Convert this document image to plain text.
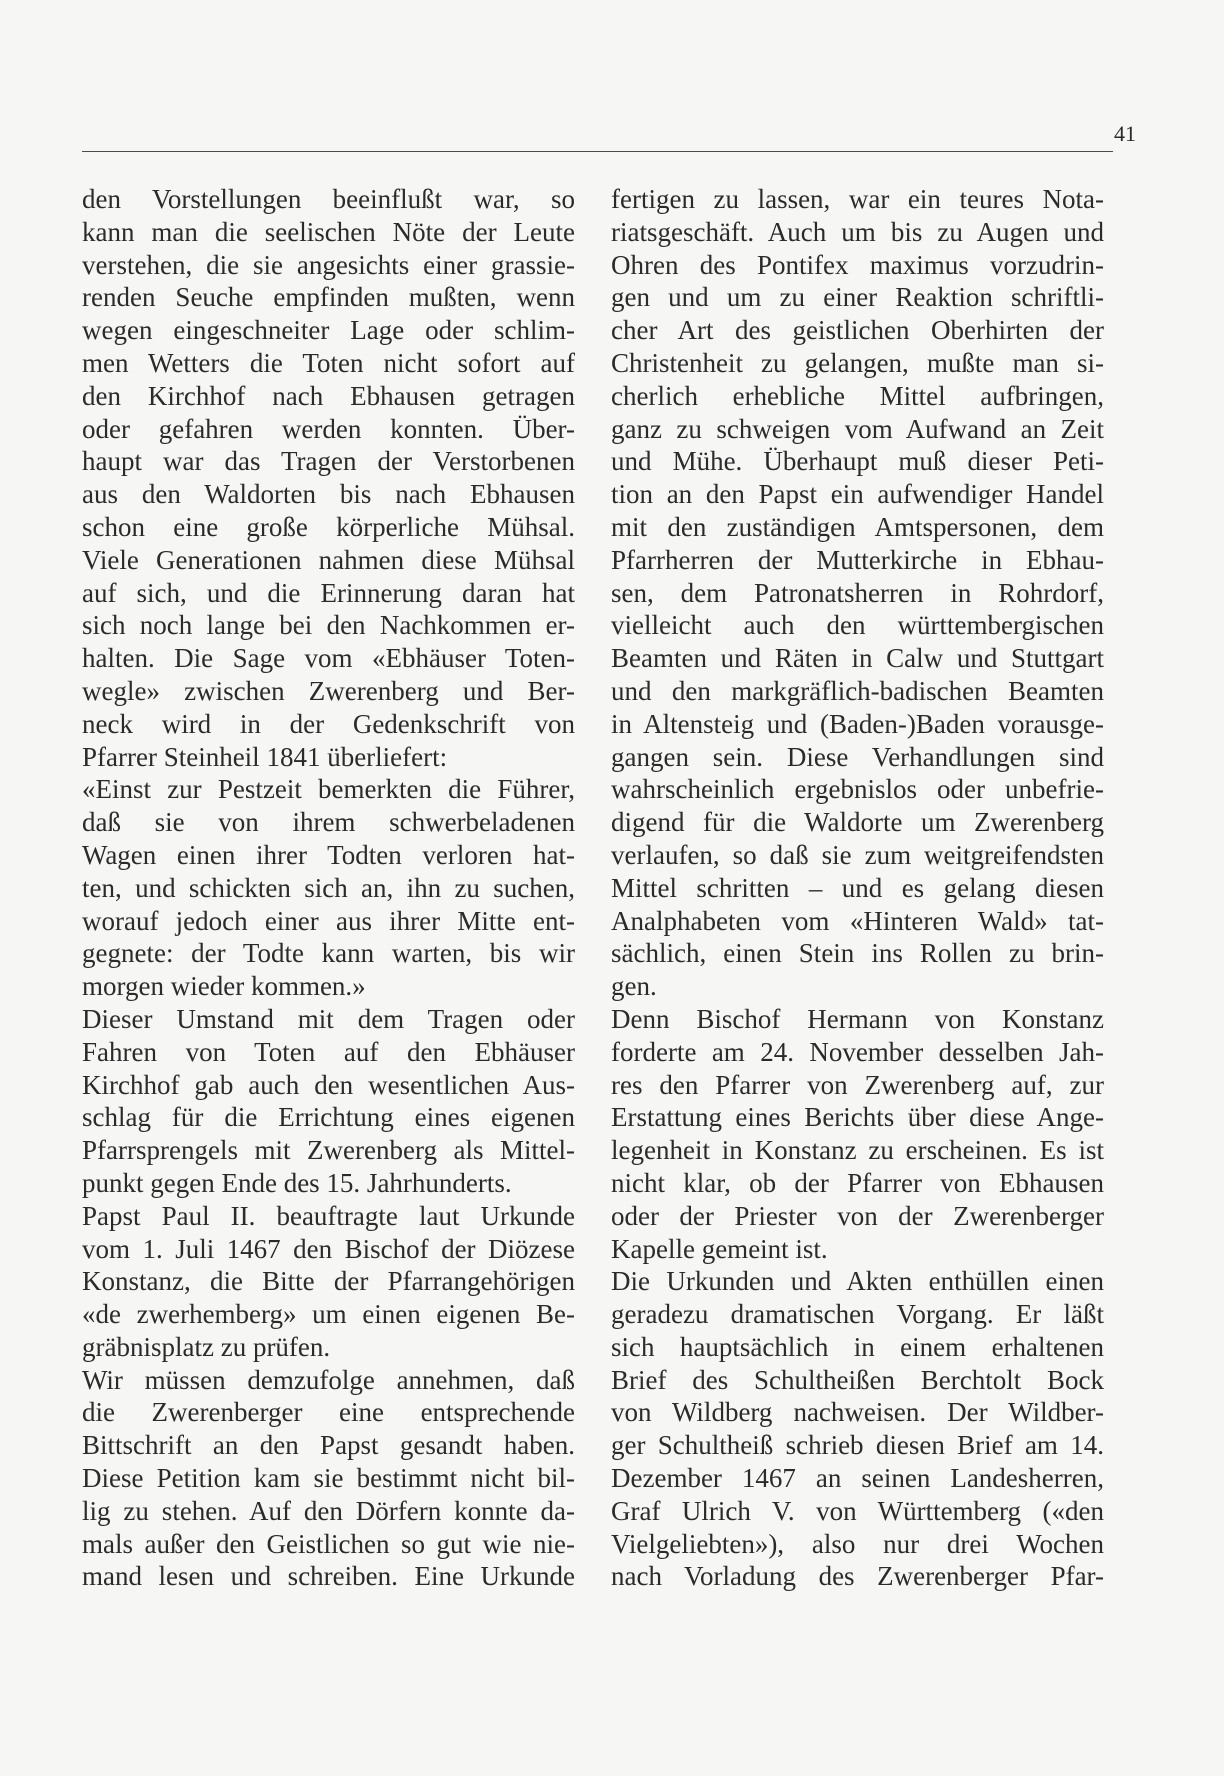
41
den Vorstellungen beeinflußt war, so
kann man die seelischen Nöte der Leute
verstehen, die sie angesichts einer grassie-
renden Seuche empfinden mußten, wenn
wegen eingeschneiter Lage oder schlim-
men Wetters die Toten nicht sofort auf
den Kirchhof nach Ebhausen getragen
oder gefahren werden konnten. Über-
haupt war das Tragen der Verstorbenen
aus den Waldorten bis nach Ebhausen
schon eine große körperliche Mühsal.
Viele Generationen nahmen diese Mühsal
auf sich, und die Erinnerung daran hat
sich noch lange bei den Nachkommen er-
halten. Die Sage vom «Ebhäuser Toten-
wegle» zwischen Zwerenberg und Ber-
neck wird in der Gedenkschrift von
Pfarrer Steinheil 1841 überliefert:
«Einst zur Pestzeit bemerkten die Führer,
daß sie von ihrem schwerbeladenen
Wagen einen ihrer Todten verloren hat-
ten, und schickten sich an, ihn zu suchen,
worauf jedoch einer aus ihrer Mitte ent-
gegnete: der Todte kann warten, bis wir
morgen wieder kommen.»
Dieser Umstand mit dem Tragen oder
Fahren von Toten auf den Ebhäuser
Kirchhof gab auch den wesentlichen Aus-
schlag für die Errichtung eines eigenen
Pfarrsprengels mit Zwerenberg als Mittel-
punkt gegen Ende des 15. Jahrhunderts.
Papst Paul II. beauftragte laut Urkunde
vom 1. Juli 1467 den Bischof der Diözese
Konstanz, die Bitte der Pfarrangehörigen
«de zwerhemberg» um einen eigenen Be-
gräbnisplatz zu prüfen.
Wir müssen demzufolge annehmen, daß
die Zwerenberger eine entsprechende
Bittschrift an den Papst gesandt haben.
Diese Petition kam sie bestimmt nicht bil-
lig zu stehen. Auf den Dörfern konnte da-
mals außer den Geistlichen so gut wie nie-
mand lesen und schreiben. Eine Urkunde
fertigen zu lassen, war ein teures Nota-
riatsgeschäft. Auch um bis zu Augen und
Ohren des Pontifex maximus vorzudrin-
gen und um zu einer Reaktion schriftli-
cher Art des geistlichen Oberhirten der
Christenheit zu gelangen, mußte man si-
cherlich erhebliche Mittel aufbringen,
ganz zu schweigen vom Aufwand an Zeit
und Mühe. Überhaupt muß dieser Peti-
tion an den Papst ein aufwendiger Handel
mit den zuständigen Amtspersonen, dem
Pfarrherren der Mutterkirche in Ebhau-
sen, dem Patronatsherren in Rohrdorf,
vielleicht auch den württembergischen
Beamten und Räten in Calw und Stuttgart
und den markgräflich-badischen Beamten
in Altensteig und (Baden-)Baden vorausge-
gangen sein. Diese Verhandlungen sind
wahrscheinlich ergebnislos oder unbefrie-
digend für die Waldorte um Zwerenberg
verlaufen, so daß sie zum weitgreifendsten
Mittel schritten – und es gelang diesen
Analphabeten vom «Hinteren Wald» tat-
sächlich, einen Stein ins Rollen zu brin-
gen.
Denn Bischof Hermann von Konstanz
forderte am 24. November desselben Jah-
res den Pfarrer von Zwerenberg auf, zur
Erstattung eines Berichts über diese Ange-
legenheit in Konstanz zu erscheinen. Es ist
nicht klar, ob der Pfarrer von Ebhausen
oder der Priester von der Zwerenberger
Kapelle gemeint ist.
Die Urkunden und Akten enthüllen einen
geradezu dramatischen Vorgang. Er läßt
sich hauptsächlich in einem erhaltenen
Brief des Schultheißen Berchtolt Bock
von Wildberg nachweisen. Der Wildber-
ger Schultheiß schrieb diesen Brief am 14.
Dezember 1467 an seinen Landesherren,
Graf Ulrich V. von Württemberg («den
Vielgeliebten»), also nur drei Wochen
nach Vorladung des Zwerenberger Pfar-
